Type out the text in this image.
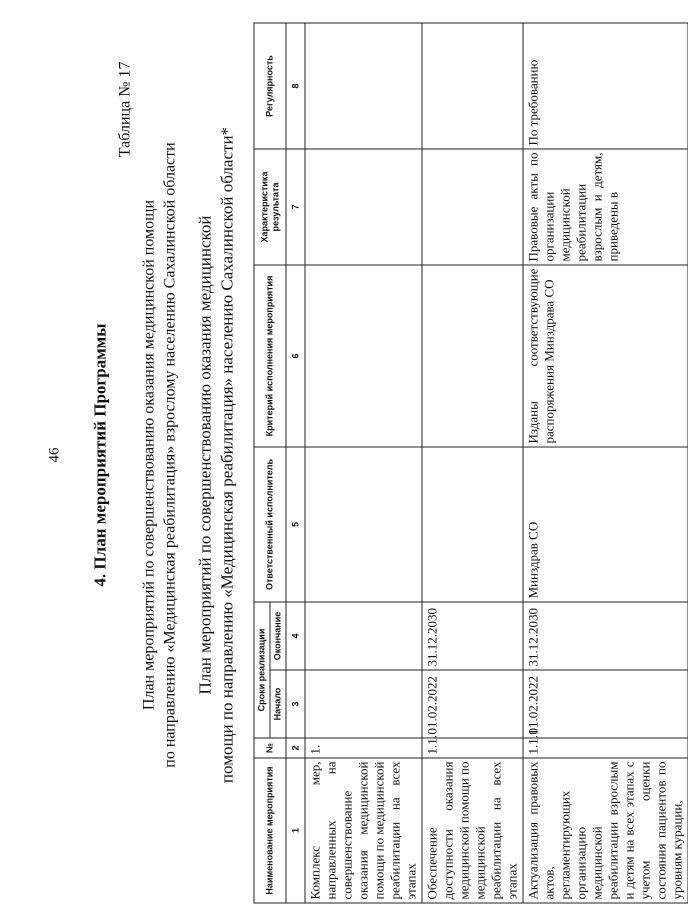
46 4. План мероприятий Программы
Таблица № 17
План мероприятий по совершенствованию оказания медицинской помощи по направлению «Медицинская реабилитация» взрослому населению Сахалинской области План мероприятий по совершенствованию оказания медицинской помощи по направлению «Медицинская реабилитация» населению Сахалинской области*
Наименование мероприятия	№	Сроки реализации		Ответственный исполнитель	Критерий исполнения мероприятия	Характеристика результата	Регулярность
		Начало	Окончание				
1	2	3	4	5	6	7	8
Комплекс мер, направленных на совершенствование оказания медицинской помощи по медицинской реабилитации на всех этапах	1.						
Обеспечение доступности оказания медицинской помощи по медицинской реабилитации на всех этапах	1.1.	01.02.2022	31.12.2030				
Актуализация правовых актов, регламентирующих организацию медицинской реабилитации взрослым и детям на всех этапах с учетом оценки состояния пациентов по уровням курации,	1.1.1	01.02.2022	31.12.2030	Минздрав СО	Изданы соответствующие распоряжения Минздрава СО	Правовые акты по организации медицинской реабилитации взрослым и детям, приведены в	По требованию
